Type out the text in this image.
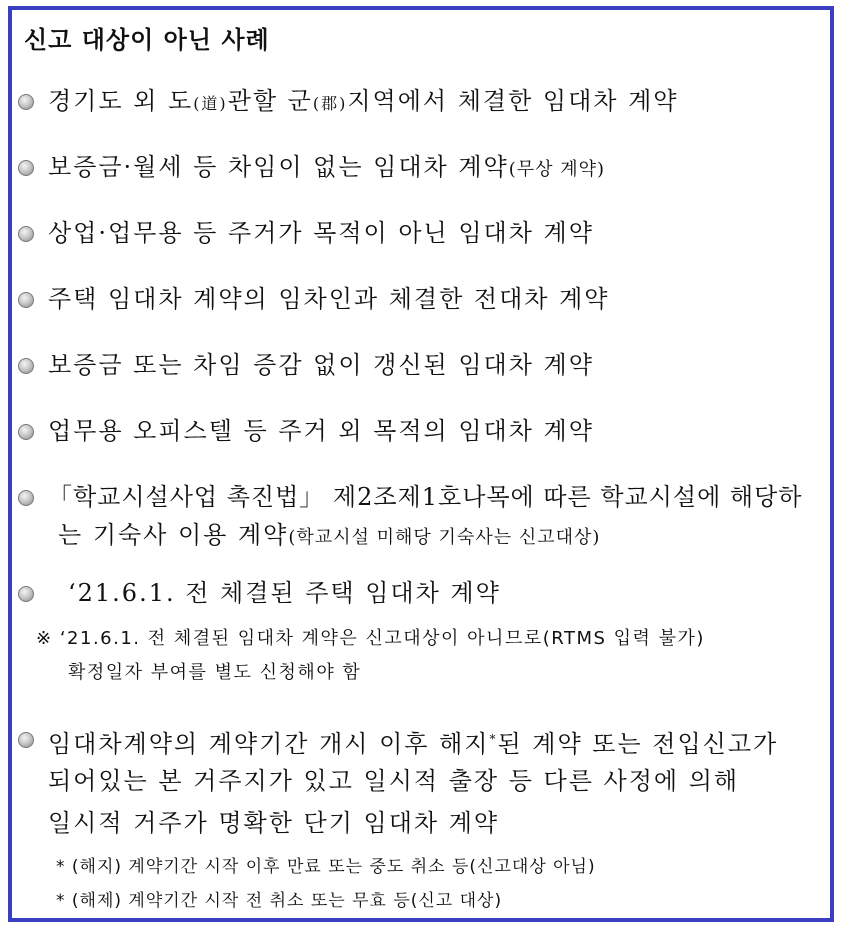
신고 대상이 아닌 사례
경기도 외 도(道)관할 군(郡)지역에서 체결한 임대차 계약
보증금·월세 등 차임이 없는 임대차 계약(무상 계약)
상업·업무용 등 주거가 목적이 아닌 임대차 계약
주택 임대차 계약의 임차인과 체결한 전대차 계약
보증금 또는 차임 증감 없이 갱신된 임대차 계약
업무용 오피스텔 등 주거 외 목적의 임대차 계약
「학교시설사업 촉진법」 제2조제1호나목에 따른 학교시설에 해당하
는 기숙사 이용 계약(학교시설 미해당 기숙사는 신고대상)
‘21.6.1. 전 체결된 주택 임대차 계약
※ ‘21.6.1. 전 체결된 임대차 계약은 신고대상이 아니므로(RTMS 입력 불가)
확정일자 부여를 별도 신청해야 함
임대차계약의 계약기간 개시 이후 해지*된 계약 또는 전입신고가
되어있는 본 거주지가 있고 일시적 출장 등 다른 사정에 의해
일시적 거주가 명확한 단기 임대차 계약
* (해지) 계약기간 시작 이후 만료 또는 중도 취소 등(신고대상 아님)
* (해제) 계약기간 시작 전 취소 또는 무효 등(신고 대상)
